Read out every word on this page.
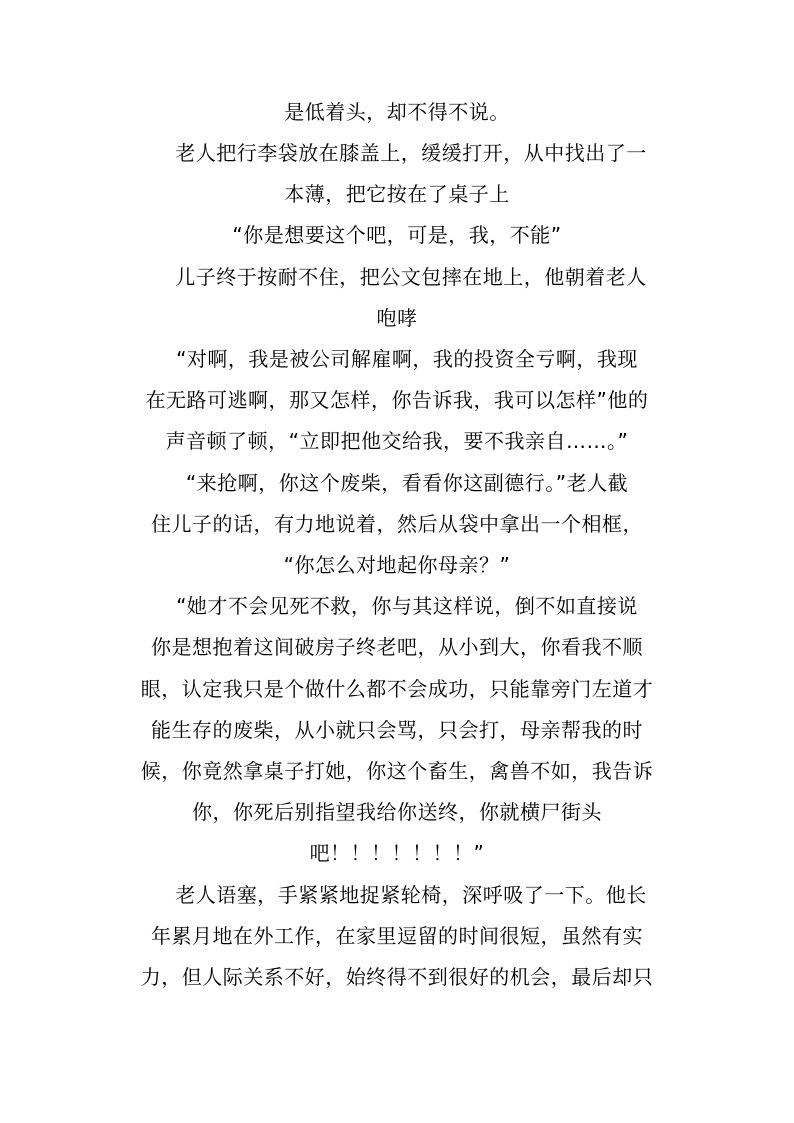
是低着头，却不得不说。
老人把行李袋放在膝盖上，缓缓打开，从中找出了一
本薄，把它按在了桌子上
“你是想要这个吧，可是，我，不能”
儿子终于按耐不住，把公文包摔在地上，他朝着老人
咆哮
“对啊，我是被公司解雇啊，我的投资全亏啊，我现
在无路可逃啊，那又怎样，你告诉我，我可以怎样”他的
声音顿了顿，“立即把他交给我，要不我亲自……。”
“来抢啊，你这个废柴，看看你这副德行。”老人截
住儿子的话，有力地说着，然后从袋中拿出一个相框，
“你怎么对地起你母亲？”
“她才不会见死不救，你与其这样说，倒不如直接说
你是想抱着这间破房子终老吧，从小到大，你看我不顺
眼，认定我只是个做什么都不会成功，只能靠旁门左道才
能生存的废柴，从小就只会骂，只会打，母亲帮我的时
候，你竟然拿桌子打她，你这个畜生，禽兽不如，我告诉
你，你死后别指望我给你送终，你就横尸街头
吧！！！！！！！”
老人语塞，手紧紧地捉紧轮椅，深呼吸了一下。他长
年累月地在外工作，在家里逗留的时间很短，虽然有实
力，但人际关系不好，始终得不到很好的机会，最后却只
